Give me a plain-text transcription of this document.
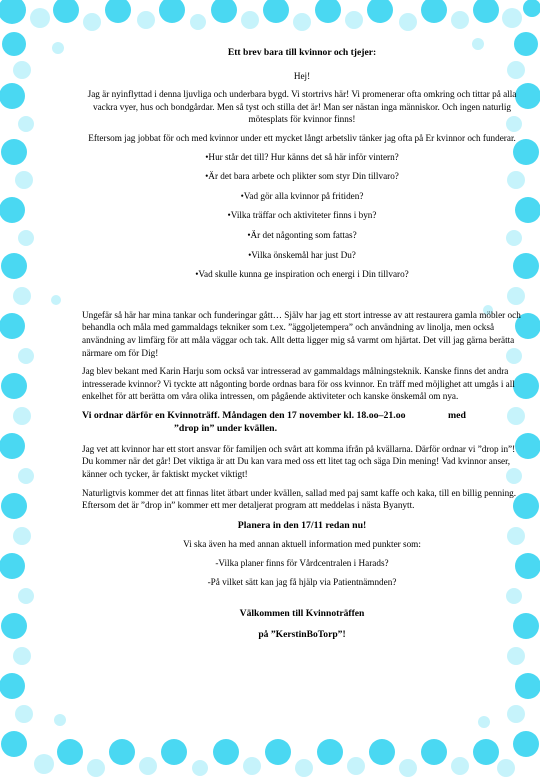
Ett brev bara till kvinnor och tjejer:

Hej!

Jag är nyinflyttad i denna ljuvliga och underbara bygd. Vi stortrivs här! Vi promenerar ofta omkring och tittar på alla vackra vyer, hus och bondgårdar. Men så tyst och stilla det är! Man ser nästan inga människor. Och ingen naturlig mötesplats för kvinnor finns!

Eftersom jag jobbat för och med kvinnor under ett mycket långt arbetsliv tänker jag ofta på Er kvinnor och funderar.

•Hur står det till? Hur känns det så här inför vintern?

•Är det bara arbete och plikter som styr Din tillvaro?

•Vad gör alla kvinnor på fritiden?

•Vilka träffar och aktiviteter finns i byn?

•Är det någonting som fattas?

•Vilka önskemål har just Du?

•Vad skulle kunna ge inspiration och energi i Din tillvaro?

Ungefär så här har mina tankar och funderingar gått… Själv har jag ett stort intresse av att restaurera gamla möbler och behandla och måla med gammaldags tekniker som t.ex. ”äggoljetempera” och användning av linolja, men också användning av limfärg för att måla väggar och tak. Allt detta ligger mig så varmt om hjärtat. Det vill jag gärna berätta närmare om för Dig!

Jag blev bekant med Karin Harju som också var intresserad av gammaldags målningsteknik. Kanske finns det andra intresserade kvinnor? Vi tyckte att någonting borde ordnas bara för oss kvinnor. En träff med möjlighet att umgås i all enkelhet för att berätta om våra olika intressen, om pågående aktiviteter och kanske önskemål om nya.

Vi ordnar därför en Kvinnoträff. Måndagen den 17 november kl. 18.oo–21.oo	med
”drop in” under kvällen.

Jag vet att kvinnor har ett stort ansvar för familjen och svårt att komma ifrån på kvällarna. Därför ordnar vi ”drop in”! Du kommer när det går! Det viktiga är att Du kan vara med oss ett litet tag och säga Din mening! Vad kvinnor anser, känner och tycker, är faktiskt mycket viktigt!

Naturligtvis kommer det att finnas litet ätbart under kvällen, sallad med paj samt kaffe och kaka, till en billig penning. Eftersom det är ”drop in” kommer ett mer detaljerat program att meddelas i nästa Byanytt.

Planera in den 17/11 redan nu!

Vi ska även ha med annan aktuell information med punkter som:

-Vilka planer finns för Vårdcentralen i Harads?

-På vilket sätt kan jag få hjälp via Patientnämnden?

Välkommen till Kvinnoträffen

på ”KerstinBoTorp”!
